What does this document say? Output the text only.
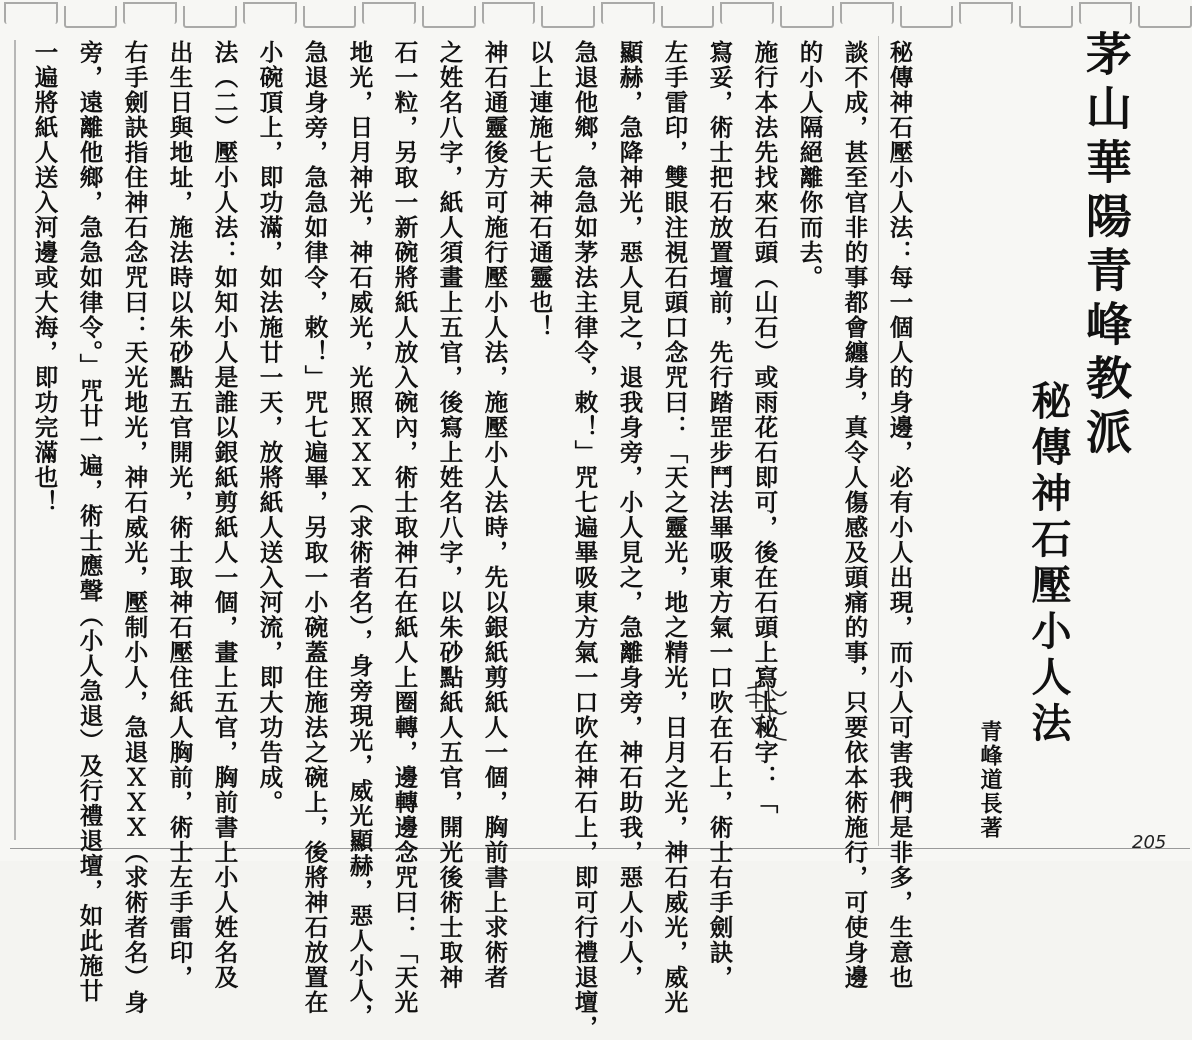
茅山華陽青峰教派
秘傳神石壓小人法
青峰道長著
秘傳神石壓小人法：每一個人的身邊，必有小人出現，而小人可害我們是非多，生意也
談不成，甚至官非的事都會纏身，真令人傷感及頭痛的事，只要依本術施行，可使身邊
的小人隔絕離你而去。
施行本法先找來石頭（山石）或雨花石即可，後在石頭上寫上秘字：「
寫妥，術士把石放置壇前，先行踏罡步鬥法畢吸東方氣一口吹在石上，術士右手劍訣，
左手雷印，雙眼注視石頭口念咒曰：「天之靈光，地之精光，日月之光，神石威光，威光
顯赫，急降神光，惡人見之，退我身旁，小人見之，急離身旁，神石助我，惡人小人，
急退他鄉，急急如茅法主律令，敕！」咒七遍畢吸東方氣一口吹在神石上，即可行禮退壇，
以上連施七天神石通靈也！
神石通靈後方可施行壓小人法，施壓小人法時，先以銀紙剪紙人一個，胸前書上求術者
之姓名八字，紙人須畫上五官，後寫上姓名八字，以朱砂點紙人五官，開光後術士取神
石一粒，另取一新碗將紙人放入碗內，術士取神石在紙人上圈轉，邊轉邊念咒曰：「天光
地光，日月神光，神石威光，光照ＸＸＸ（求術者名），身旁現光，威光顯赫，惡人小人，
急退身旁，急急如律令，敕！」咒七遍畢，另取一小碗蓋住施法之碗上，後將神石放置在
小碗頂上，即功滿，如法施廿一天，放將紙人送入河流，即大功告成。
法（二）壓小人法：如知小人是誰以銀紙剪紙人一個，畫上五官，胸前書上小人姓名及
出生日與地址，施法時以朱砂點五官開光，術士取神石壓住紙人胸前，術士左手雷印，
右手劍訣指住神石念咒曰：天光地光，神石威光，壓制小人，急退ＸＸＸ（求術者名）身
旁，遠離他鄉，急急如律令。」咒廿一遍，術士應聲（小人急退）及行禮退壇，如此施廿
一遍將紙人送入河邊或大海，即功完滿也！
205
